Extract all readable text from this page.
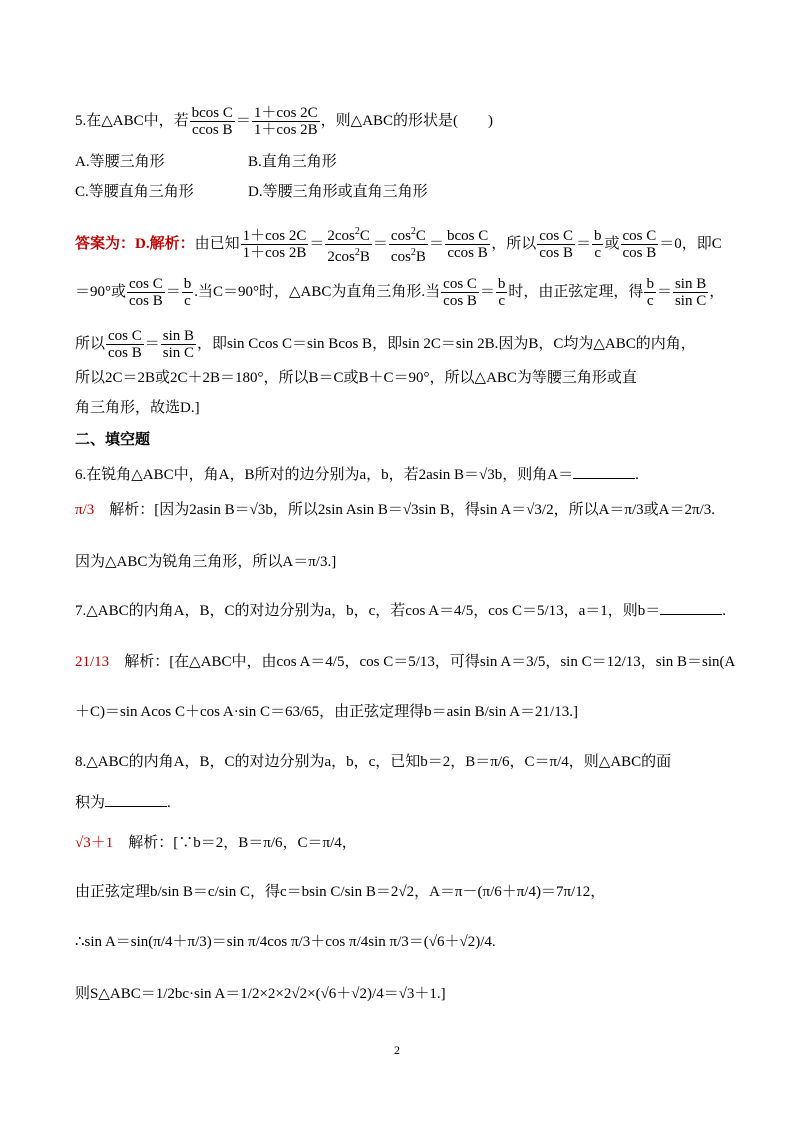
5.在△ABC中，若 $\frac{\text{bcos C}}{\text{ccos B}} = \frac{1+\cos 2C}{1+\cos 2B}$ ，则△ABC的形状是(　　)
A.等腰三角形	B.直角三角形
C.等腰直角三角形	D.等腰三角形或直角三角形
答案为：D.解析：由已知 $\frac{1+\cos 2C}{1+\cos 2B} = \frac{2\cos^2C}{2\cos^2B} = \frac{\cos^2C}{\cos^2B} = \frac{\text{bcos C}}{\text{ccos B}}$ ，所以 $\frac{\text{cos C}}{\text{cos B}} = \frac{b}{c}$ 或 $\frac{\text{cos C}}{\text{cos B}} =0$，即C
＝90°或 $\frac{\text{cos C}}{\text{cos B}} = \frac{b}{c}$ .当C＝90°时，△ABC为直角三角形.当 $\frac{\text{cos C}}{\text{cos B}} = \frac{b}{c}$ 时，由正弦定理，得 $\frac{b}{c} = \frac{\text{sin B}}{\text{sin C}}$ ，
所以 $\frac{\text{cos C}}{\text{cos B}} = \frac{\text{sin B}}{\text{sin C}}$ ，即sin Ccos C＝sin Bcos B，即sin 2C＝sin 2B.因为B，C均为△ABC的内角，
所以2C＝2B或2C＋2B＝180°，所以B＝C或B＋C＝90°，所以△ABC为等腰三角形或直
角三角形，故选D.]
二、填空题
6.在锐角△ABC中，角A，B所对的边分别为a，b，若2asin B＝√3b，则角A＝	.
π/3　 解析：[因为2asin B＝√3b，所以2sin Asin B＝√3sin B，得sin A＝√3/2，所以A＝π/3或A＝2π/3.
因为△ABC为锐角三角形，所以A＝π/3.]
7.△ABC的内角A，B，C的对边分别为a，b，c，若cos A＝4/5，cos C＝5/13，a＝1，则b＝	.
21/13　 解析：[在△ABC中，由cos A＝4/5，cos C＝5/13，可得sin A＝3/5，sin C＝12/13，sin B＝sin(A
＋C)＝sin Acos C＋cos A·sin C＝63/65，由正弦定理得b＝asin B/sin A＝21/13.]
8.△ABC的内角A，B，C的对边分别为a，b，c，已知b＝2，B＝π/6，C＝π/4，则△ABC的面
积为	.
√3＋1　 解析：[∵b＝2，B＝π/6，C＝π/4，
由正弦定理b/sin B＝c/sin C，得c＝bsin C/sin B＝2√2，A＝π－(π/6＋π/4)＝7π/12，
∴sin A＝sin(π/4＋π/3)＝sin π/4cos π/3＋cos π/4sin π/3＝(√6＋√2)/4.
则S△ABC＝1/2bc·sin A＝1/2×2×2√2×(√6＋√2)/4＝√3＋1.]
2
